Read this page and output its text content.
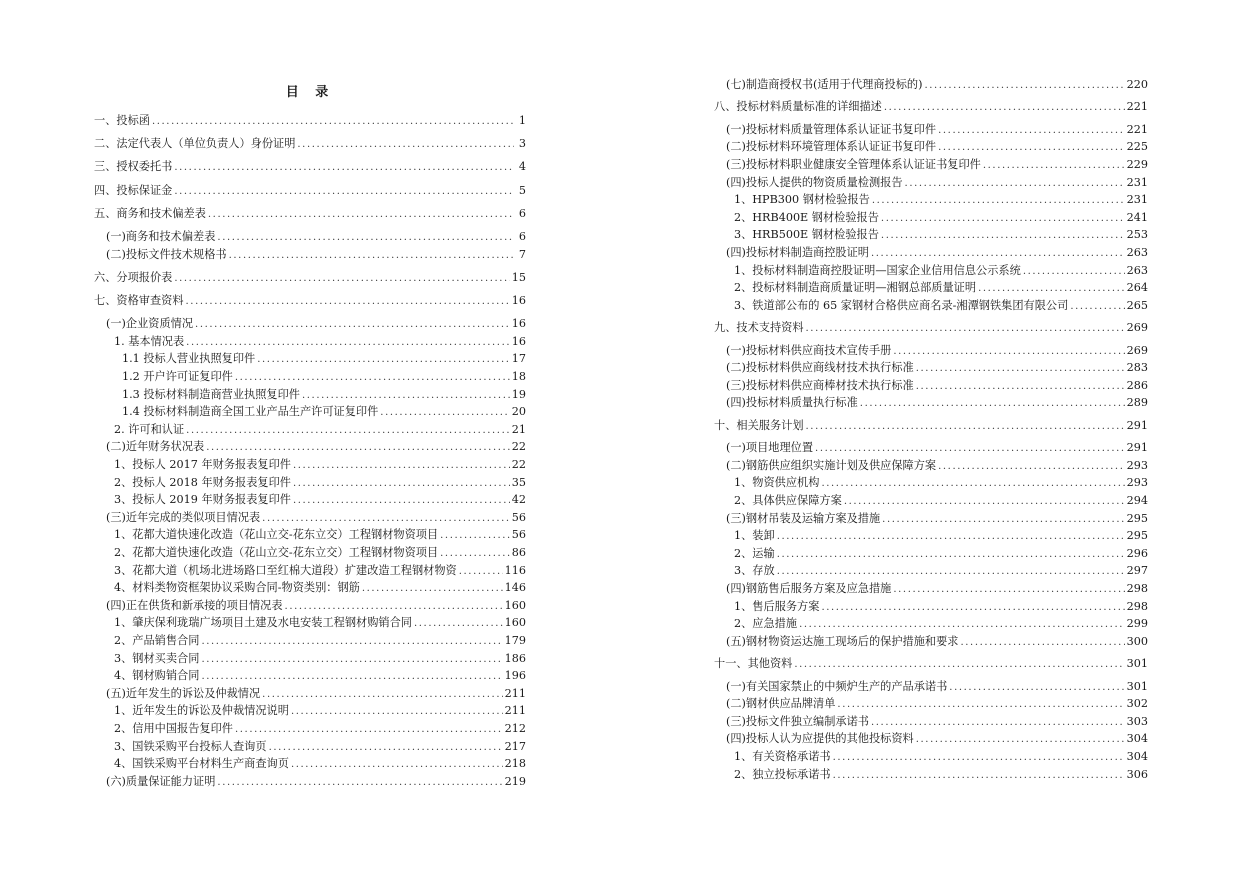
目 录
一、投标函 .....	1
二、法定代表人（单位负责人）身份证明 .....	3
三、授权委托书 .....	4
四、投标保证金 .....	5
五、商务和技术偏差表 .....	6
(一)商务和技术偏差表 .....	6
(二)投标文件技术规格书 .....	7
六、分项报价表 .....	15
七、资格审查资料 .....	16
(一)企业资质情况 .....	16
1. 基本情况表 .....	16
1.1 投标人营业执照复印件 .....	17
1.2 开户许可证复印件 .....	18
1.3 投标材料制造商营业执照复印件 .....	19
1.4 投标材料制造商全国工业产品生产许可证复印件 .....	20
2. 许可和认证 .....	21
(二)近年财务状况表 .....	22
1、投标人 2017 年财务报表复印件 .....	22
2、投标人 2018 年财务报表复印件 .....	35
3、投标人 2019 年财务报表复印件 .....	42
(三)近年完成的类似项目情况表 .....	56
1、花都大道快速化改造（花山立交-花东立交）工程钢材物资项目 .....	56
2、花都大道快速化改造（花山立交-花东立交）工程钢材物资项目 .....	86
3、花都大道（机场北进场路口至红棉大道段）扩建改造工程钢材物资 .....	116
4、材料类物资框架协议采购合同-物资类别：钢筋 .....	146
(四)正在供货和新承接的项目情况表 .....	160
1、肇庆保利珑瑞广场项目土建及水电安装工程钢材购销合同 .....	160
2、产品销售合同 .....	179
3、钢材买卖合同 .....	186
4、钢材购销合同 .....	196
(五)近年发生的诉讼及仲裁情况 .....	211
1、近年发生的诉讼及仲裁情况说明 .....	211
2、信用中国报告复印件 .....	212
3、国铁采购平台投标人查询页 .....	217
4、国铁采购平台材料生产商查询页 .....	218
(六)质量保证能力证明 .....	219
(七)制造商授权书(适用于代理商投标的) .....	220
八、投标材料质量标准的详细描述 .....	221
(一)投标材料质量管理体系认证证书复印件 .....	221
(二)投标材料环境管理体系认证证书复印件 .....	225
(三)投标材料职业健康安全管理体系认证证书复印件 .....	229
(四)投标人提供的物资质量检测报告 .....	231
1、HPB300 钢材检验报告 .....	231
2、HRB400E 钢材检验报告 .....	241
3、HRB500E 钢材检验报告 .....	253
(四)投标材料制造商控股证明 .....	263
1、投标材料制造商控股证明—国家企业信用信息公示系统 .....	263
2、投标材料制造商质量证明—湘钢总部质量证明 .....	264
3、铁道部公布的 65 家钢材合格供应商名录-湘潭钢铁集团有限公司 .....	265
九、技术支持资料 .....	269
(一)投标材料供应商技术宣传手册 .....	269
(二)投标材料供应商线材技术执行标准 .....	283
(三)投标材料供应商棒材技术执行标准 .....	286
(四)投标材料质量执行标准 .....	289
十、相关服务计划 .....	291
(一)项目地理位置 .....	291
(二)钢筋供应组织实施计划及供应保障方案 .....	293
1、物资供应机构 .....	293
2、具体供应保障方案 .....	294
(三)钢材吊装及运输方案及措施 .....	295
1、装卸 .....	295
2、运输 .....	296
3、存放 .....	297
(四)钢筋售后服务方案及应急措施 .....	298
1、售后服务方案 .....	298
2、应急措施 .....	299
(五)钢材物资运达施工现场后的保护措施和要求 .....	300
十一、其他资料 .....	301
(一)有关国家禁止的中频炉生产的产品承诺书 .....	301
(二)钢材供应品牌清单 .....	302
(三)投标文件独立编制承诺书 .....	303
(四)投标人认为应提供的其他投标资料 .....	304
1、有关资格承诺书 .....	304
2、独立投标承诺书 .....	306
